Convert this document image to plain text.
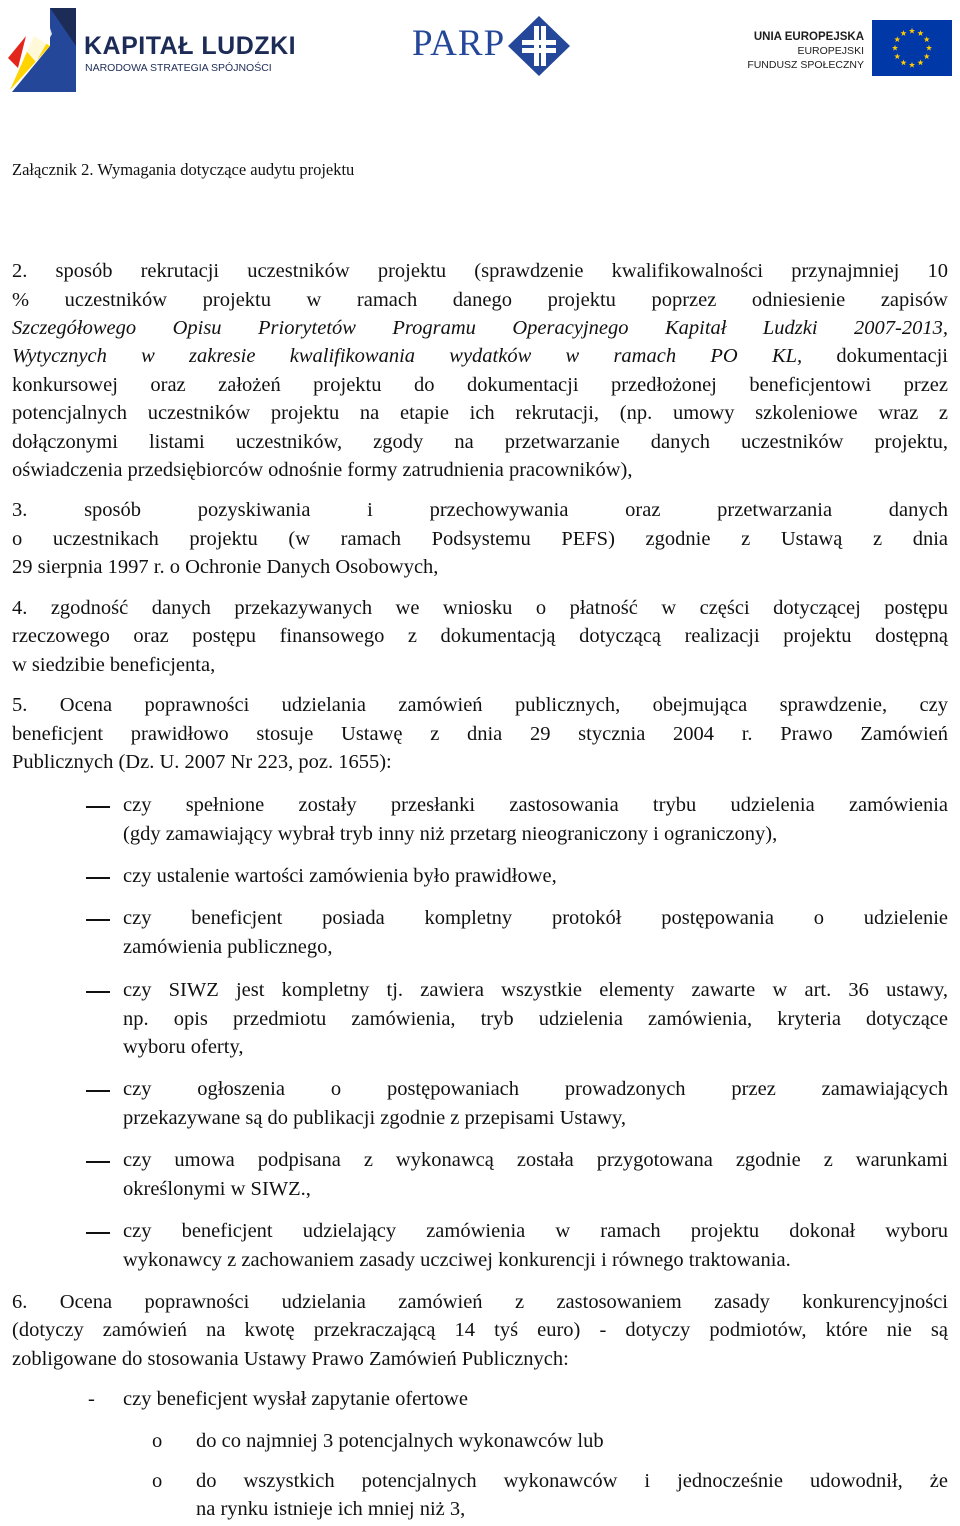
KAPITAŁ LUDZKI
NARODOWA STRATEGIA SPÓJNOŚCI
PARP	UNIA EUROPEJSKA
EUROPEJSKI
FUNDUSZ SPOŁECZNY
Załącznik 2. Wymagania dotyczące audytu projektu
2. sposób rekrutacji uczestników projektu (sprawdzenie kwalifikowalności przynajmniej 10
% uczestników projektu w ramach danego projektu poprzez odniesienie zapisów
Szczegółowego Opisu Priorytetów Programu Operacyjnego Kapitał Ludzki 2007-2013,
Wytycznych w zakresie kwalifikowania wydatków w ramach PO KL, dokumentacji
konkursowej oraz założeń projektu do dokumentacji przedłożonej beneficjentowi przez
potencjalnych uczestników projektu na etapie ich rekrutacji, (np. umowy szkoleniowe wraz z
dołączonymi listami uczestników, zgody na przetwarzanie danych uczestników projektu,
oświadczenia przedsiębiorców odnośnie formy zatrudnienia pracowników),
3. sposób pozyskiwania i przechowywania oraz przetwarzania danych
o uczestnikach projektu (w ramach Podsystemu PEFS) zgodnie z Ustawą z dnia
29 sierpnia 1997 r. o Ochronie Danych Osobowych,
4. zgodność danych przekazywanych we wniosku o płatność w części dotyczącej postępu
rzeczowego oraz postępu finansowego z dokumentacją dotyczącą realizacji projektu dostępną
w siedzibie beneficjenta,
5. Ocena poprawności udzielania zamówień publicznych, obejmująca sprawdzenie, czy
beneficjent prawidłowo stosuje Ustawę z dnia 29 stycznia 2004 r. Prawo Zamówień
Publicznych (Dz. U. 2007 Nr 223, poz. 1655):
czy spełnione zostały przesłanki zastosowania trybu udzielenia zamówienia
(gdy zamawiający wybrał tryb inny niż przetarg nieograniczony i ograniczony),
czy ustalenie wartości zamówienia było prawidłowe,
czy beneficjent posiada kompletny protokół postępowania o udzielenie
zamówienia publicznego,
czy SIWZ jest kompletny tj. zawiera wszystkie elementy zawarte w art. 36 ustawy,
np. opis przedmiotu zamówienia, tryb udzielenia zamówienia, kryteria dotyczące
wyboru oferty,
czy ogłoszenia o postępowaniach prowadzonych przez zamawiających
przekazywane są do publikacji zgodnie z przepisami Ustawy,
czy umowa podpisana z wykonawcą została przygotowana zgodnie z warunkami
określonymi w SIWZ.,
czy beneficjent udzielający zamówienia w ramach projektu dokonał wyboru
wykonawcy z zachowaniem zasady uczciwej konkurencji i równego traktowania.
6. Ocena poprawności udzielania zamówień z zastosowaniem zasady konkurencyjności
(dotyczy zamówień na kwotę przekraczającą 14 tyś euro) - dotyczy podmiotów, które nie są
zobligowane do stosowania Ustawy Prawo Zamówień Publicznych:
- czy beneficjent wysłał zapytanie ofertowe
o do co najmniej 3 potencjalnych wykonawców lub
o do wszystkich potencjalnych wykonawców i jednocześnie udowodnił, że
na rynku istnieje ich mniej niż 3,
